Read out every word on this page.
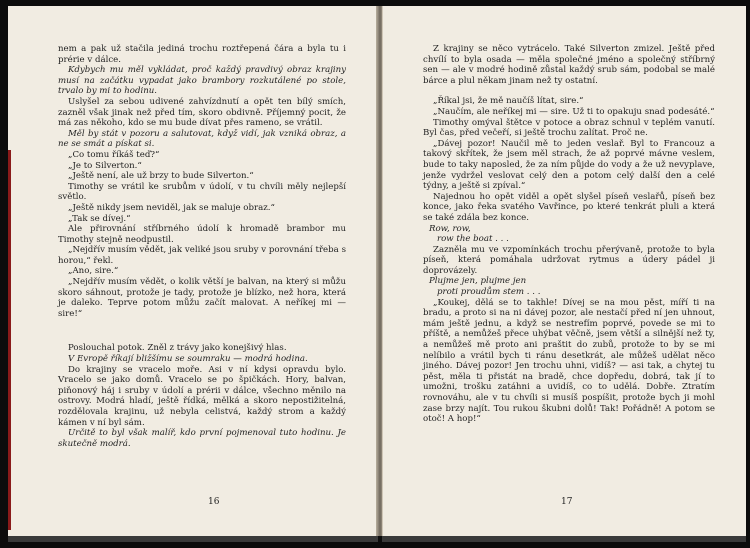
nem a pak už stačila jediná trochu roztřepená čára a byla tu i prérie v dálce.

Kdybych mu měl vykládat, proč každý pravdivý obraz krajiny musí na začátku vypadat jako brambory rozkutálené po stole, trvalo by mi to hodinu.

Uslyšel za sebou udivené zahvízdnutí a opět ten bílý smích, zazněl však jinak než před tím, skoro obdivně. Příjemný pocit, že má zas někoho, kdo se mu bude dívat přes rameno, se vrátil.

Měl by stát v pozoru a salutovat, když vidí, jak vzniká obraz, a ne se smát a pískat si.

„Co tomu říkáš teď?“

„Je to Silverton.“

„Ještě není, ale už brzy to bude Silverton.“

Timothy se vrátil ke srubům v údolí, v tu chvíli měly nejlepší světlo.

„Ještě nikdy jsem neviděl, jak se maluje obraz.“

„Tak se dívej.“

Ale přirovnání stříbrného údolí k hromadě brambor mu Timothy stejně neodpustil.

„Nejdřív musím vědět, jak veliké jsou sruby v porovnání třeba s horou,“ řekl.

„Ano, sire.“

„Nejdřív musím vědět, o kolik větší je balvan, na který si můžu skoro sáhnout, protože je tady, protože je blízko, než hora, která je daleko. Teprve potom můžu začít malovat. A neříkej mi — sire!“

Poslouchal potok. Zněl z trávy jako konejšivý hlas.

V Evropě říkají bližšímu se soumraku — modrá hodina.

Do krajiny se vracelo moře. Asi v ní kdysi opravdu bylo. Vracelo se jako domů. Vracelo se po špičkách. Hory, balvan, piňonový háj i sruby v údolí a prérii v dálce, všechno měnilo na ostrovy. Modrá hladí, ještě řídká, mělká a skoro nepostižitelná, rozdělovala krajinu, už nebyla celistvá, každý strom a každý kámen v ní byl sám.

Určitě to byl však malíř, kdo první pojmenoval tuto hodinu. Je skutečně modrá.

16

Z krajiny se něco vytrácelo. Také Silverton zmizel. Ještě před chvílí to byla osada — měla společné jméno a společný stříbrný sen — ale v modré hodině zůstal každý srub sám, podobal se malé bárce a plul někam jinam než ty ostatní.

„Říkal jsi, že mě naučíš lítat, sire.“

„Naučím, ale neříkej mi — sire. Už ti to opakuju snad podesáté.“

Timothy omýval štětce v potoce a obraz schnul v teplém vanutí. Byl čas, před večeří, si ještě trochu zalítat. Proč ne.

„Dávej pozor! Naučil mě to jeden veslař. Byl to Francouz a takový skřítek, že jsem měl strach, že až poprvé mávne veslem, bude to taky naposled, že za ním půjde do vody a že už nevyplave, jenže vydržel veslovat celý den a potom celý další den a celé týdny, a ještě si zpíval.“

Najednou ho opět viděl a opět slyšel píseň veslařů, píseň bez konce, jako řeka svatého Vavřince, po které tenkrát pluli a která se také zdála bez konce.

Row, row,

row the boat . . .

Zazněla mu ve vzpomínkách trochu přerývaně, protože to byla píseň, která pomáhala udržovat rytmus a údery pádel ji doprovázely.

Plujme jen, plujme jen

proti proudům stem . . .

„Koukej, dělá se to takhle! Dívej se na mou pěst, míří ti na bradu, a proto si na ni dávej pozor, ale nestačí před ní jen uhnout, mám ještě jednu, a když se nestrefím poprvé, povede se mi to příště, a nemůžeš přece uhýbat věčně, jsem větší a silnější než ty, a nemůžeš mě proto ani praštit do zubů, protože to by se mi nelíbilo a vrátil bych ti ránu desetkrát, ale můžeš udělat něco jiného. Dávej pozor! Jen trochu uhni, vidíš? — asi tak, a chytej tu pěst, měla ti přistát na bradě, chce dopředu, dobrá, tak jí to umožni, trošku zatáhni a uvidíš, co to udělá. Dobře. Ztratím rovnováhu, ale v tu chvíli si musíš pospíšit, protože bych ji mohl zase brzy najít. Tou rukou škubni dolů! Tak! Pořádně! A potom se otoč! A hop!“

17
